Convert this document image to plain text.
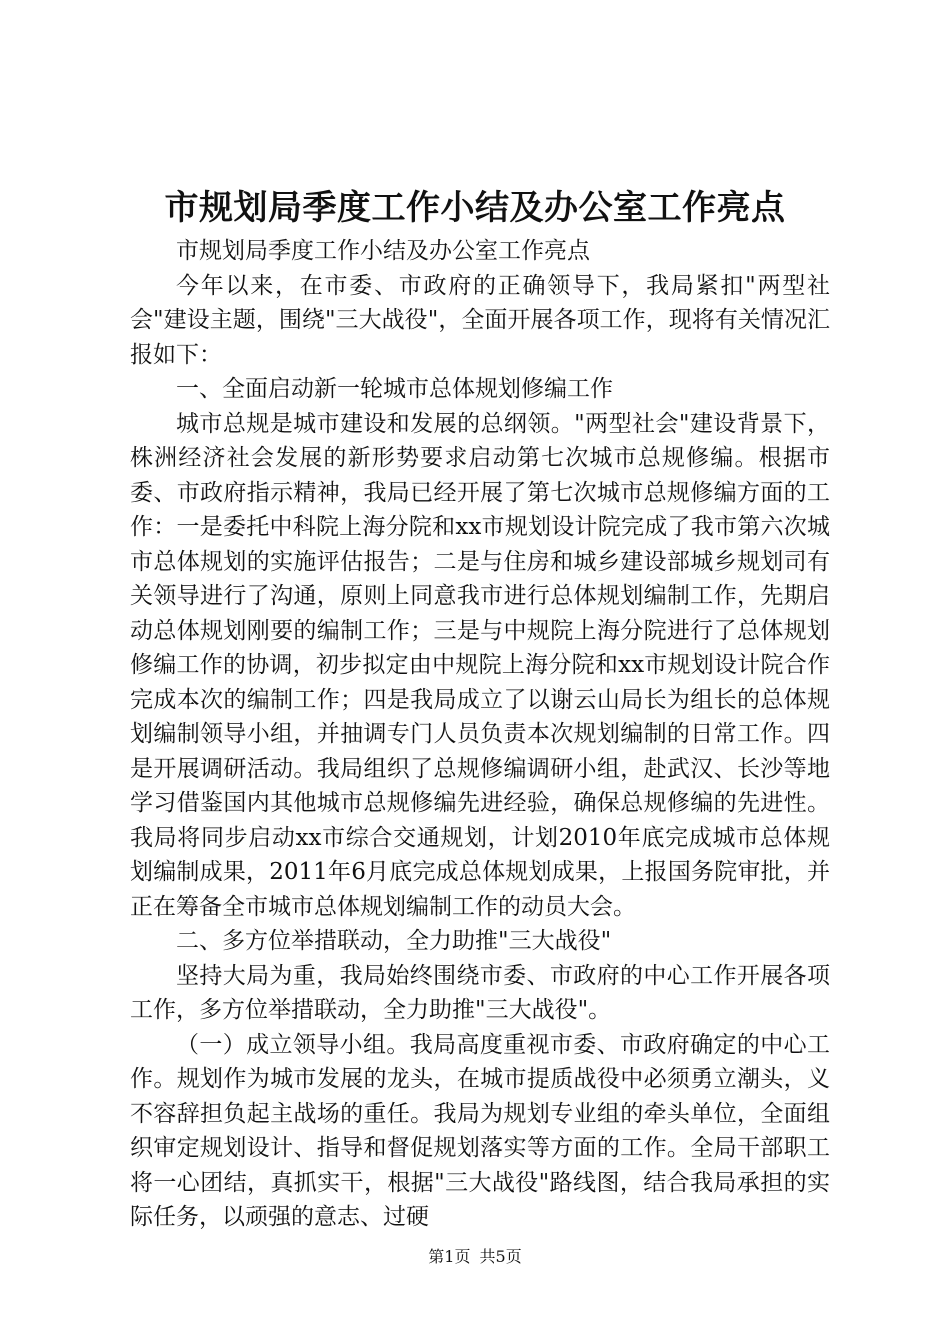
市规划局季度工作小结及办公室工作亮点

市规划局季度工作小结及办公室工作亮点

今年以来，在市委、市政府的正确领导下，我局紧扣"两型社会"建设主题，围绕"三大战役"，全面开展各项工作，现将有关情况汇报如下：

一、全面启动新一轮城市总体规划修编工作

城市总规是城市建设和发展的总纲领。"两型社会"建设背景下，株洲经济社会发展的新形势要求启动第七次城市总规修编。根据市委、市政府指示精神，我局已经开展了第七次城市总规修编方面的工作：一是委托中科院上海分院和xx市规划设计院完成了我市第六次城市总体规划的实施评估报告；二是与住房和城乡建设部城乡规划司有关领导进行了沟通，原则上同意我市进行总体规划编制工作，先期启动总体规划刚要的编制工作；三是与中规院上海分院进行了总体规划修编工作的协调，初步拟定由中规院上海分院和xx市规划设计院合作完成本次的编制工作；四是我局成立了以谢云山局长为组长的总体规划编制领导小组，并抽调专门人员负责本次规划编制的日常工作。四是开展调研活动。我局组织了总规修编调研小组，赴武汉、长沙等地学习借鉴国内其他城市总规修编先进经验，确保总规修编的先进性。我局将同步启动xx市综合交通规划，计划2010年底完成城市总体规划编制成果，2011年6月底完成总体规划成果，上报国务院审批，并正在筹备全市城市总体规划编制工作的动员大会。

二、多方位举措联动，全力助推"三大战役"

坚持大局为重，我局始终围绕市委、市政府的中心工作开展各项工作，多方位举措联动，全力助推"三大战役"。

（一）成立领导小组。我局高度重视市委、市政府确定的中心工作。规划作为城市发展的龙头，在城市提质战役中必须勇立潮头，义不容辞担负起主战场的重任。我局为规划专业组的牵头单位，全面组织审定规划设计、指导和督促规划落实等方面的工作。全局干部职工将一心团结，真抓实干，根据"三大战役"路线图，结合我局承担的实际任务，以顽强的意志、过硬

第1页 共5页
